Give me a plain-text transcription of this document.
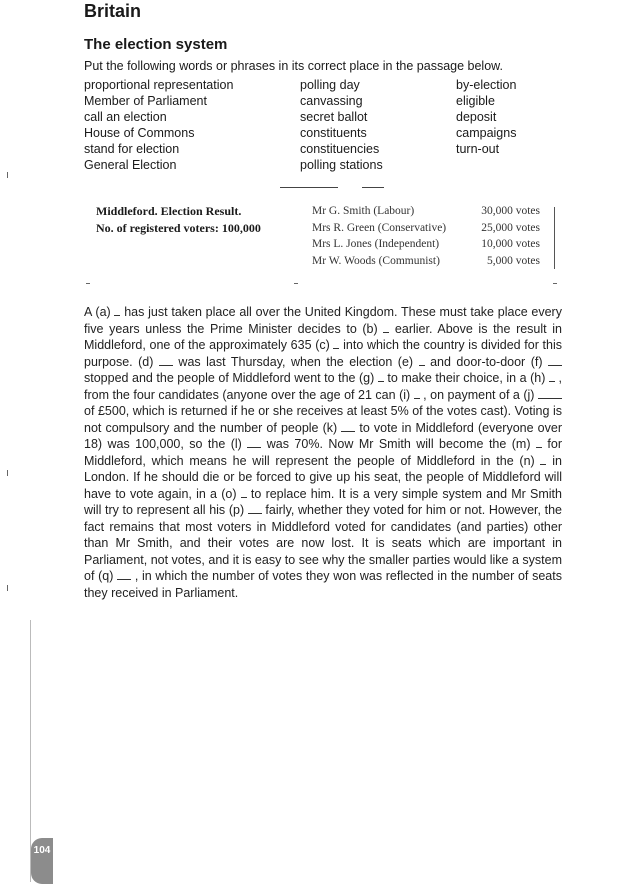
Britain
The election system
Put the following words or phrases in its correct place in the passage below.
proportional representation
Member of Parliament
call an election
House of Commons
stand for election
General Election
polling day
canvassing
secret ballot
constituents
constituencies
polling stations
by-election
eligible
deposit
campaigns
turn-out
Middleford. Election Result.
No. of registered voters: 100,000
Mr G. Smith (Labour)
Mrs R. Green (Conservative)
Mrs L. Jones (Independent)
Mr W. Woods (Communist)
30,000 votes
25,000 votes
10,000 votes
5,000 votes
A (a) has just taken place all over the United Kingdom. These must take place every five years unless the Prime Minister decides to (b) earlier. Above is the result in Middleford, one of the approximately 635 (c) into which the country is divided for this purpose. (d) was last Thursday, when the election (e) and door-to-door (f)  stopped and the people of Middleford went to the (g) to make their choice, in a (h) , from the four candidates (anyone over the age of 21 can (i) , on payment of a (j)  of £500, which is returned if he or she receives at least 5% of the votes cast). Voting is not compulsory and the number of people (k) to vote in Middleford (everyone over 18) was 100,000, so the (l) was 70%. Now Mr Smith will become the (m) for Middleford, which means he will represent the people of Middleford in the (n) in London. If he should die or be forced to give up his seat, the people of Middleford will have to vote again, in a (o) to replace him. It is a very simple system and Mr Smith will try to represent all his (p) fairly, whether they voted for him or not. However, the fact remains that most voters in Middleford voted for candidates (and parties) other than Mr Smith, and their votes are now lost. It is seats which are important in Parliament, not votes, and it is easy to see why the smaller parties would like a system of (q) , in which the number of votes they won was reflected in the number of seats they received in Parliament.
104
